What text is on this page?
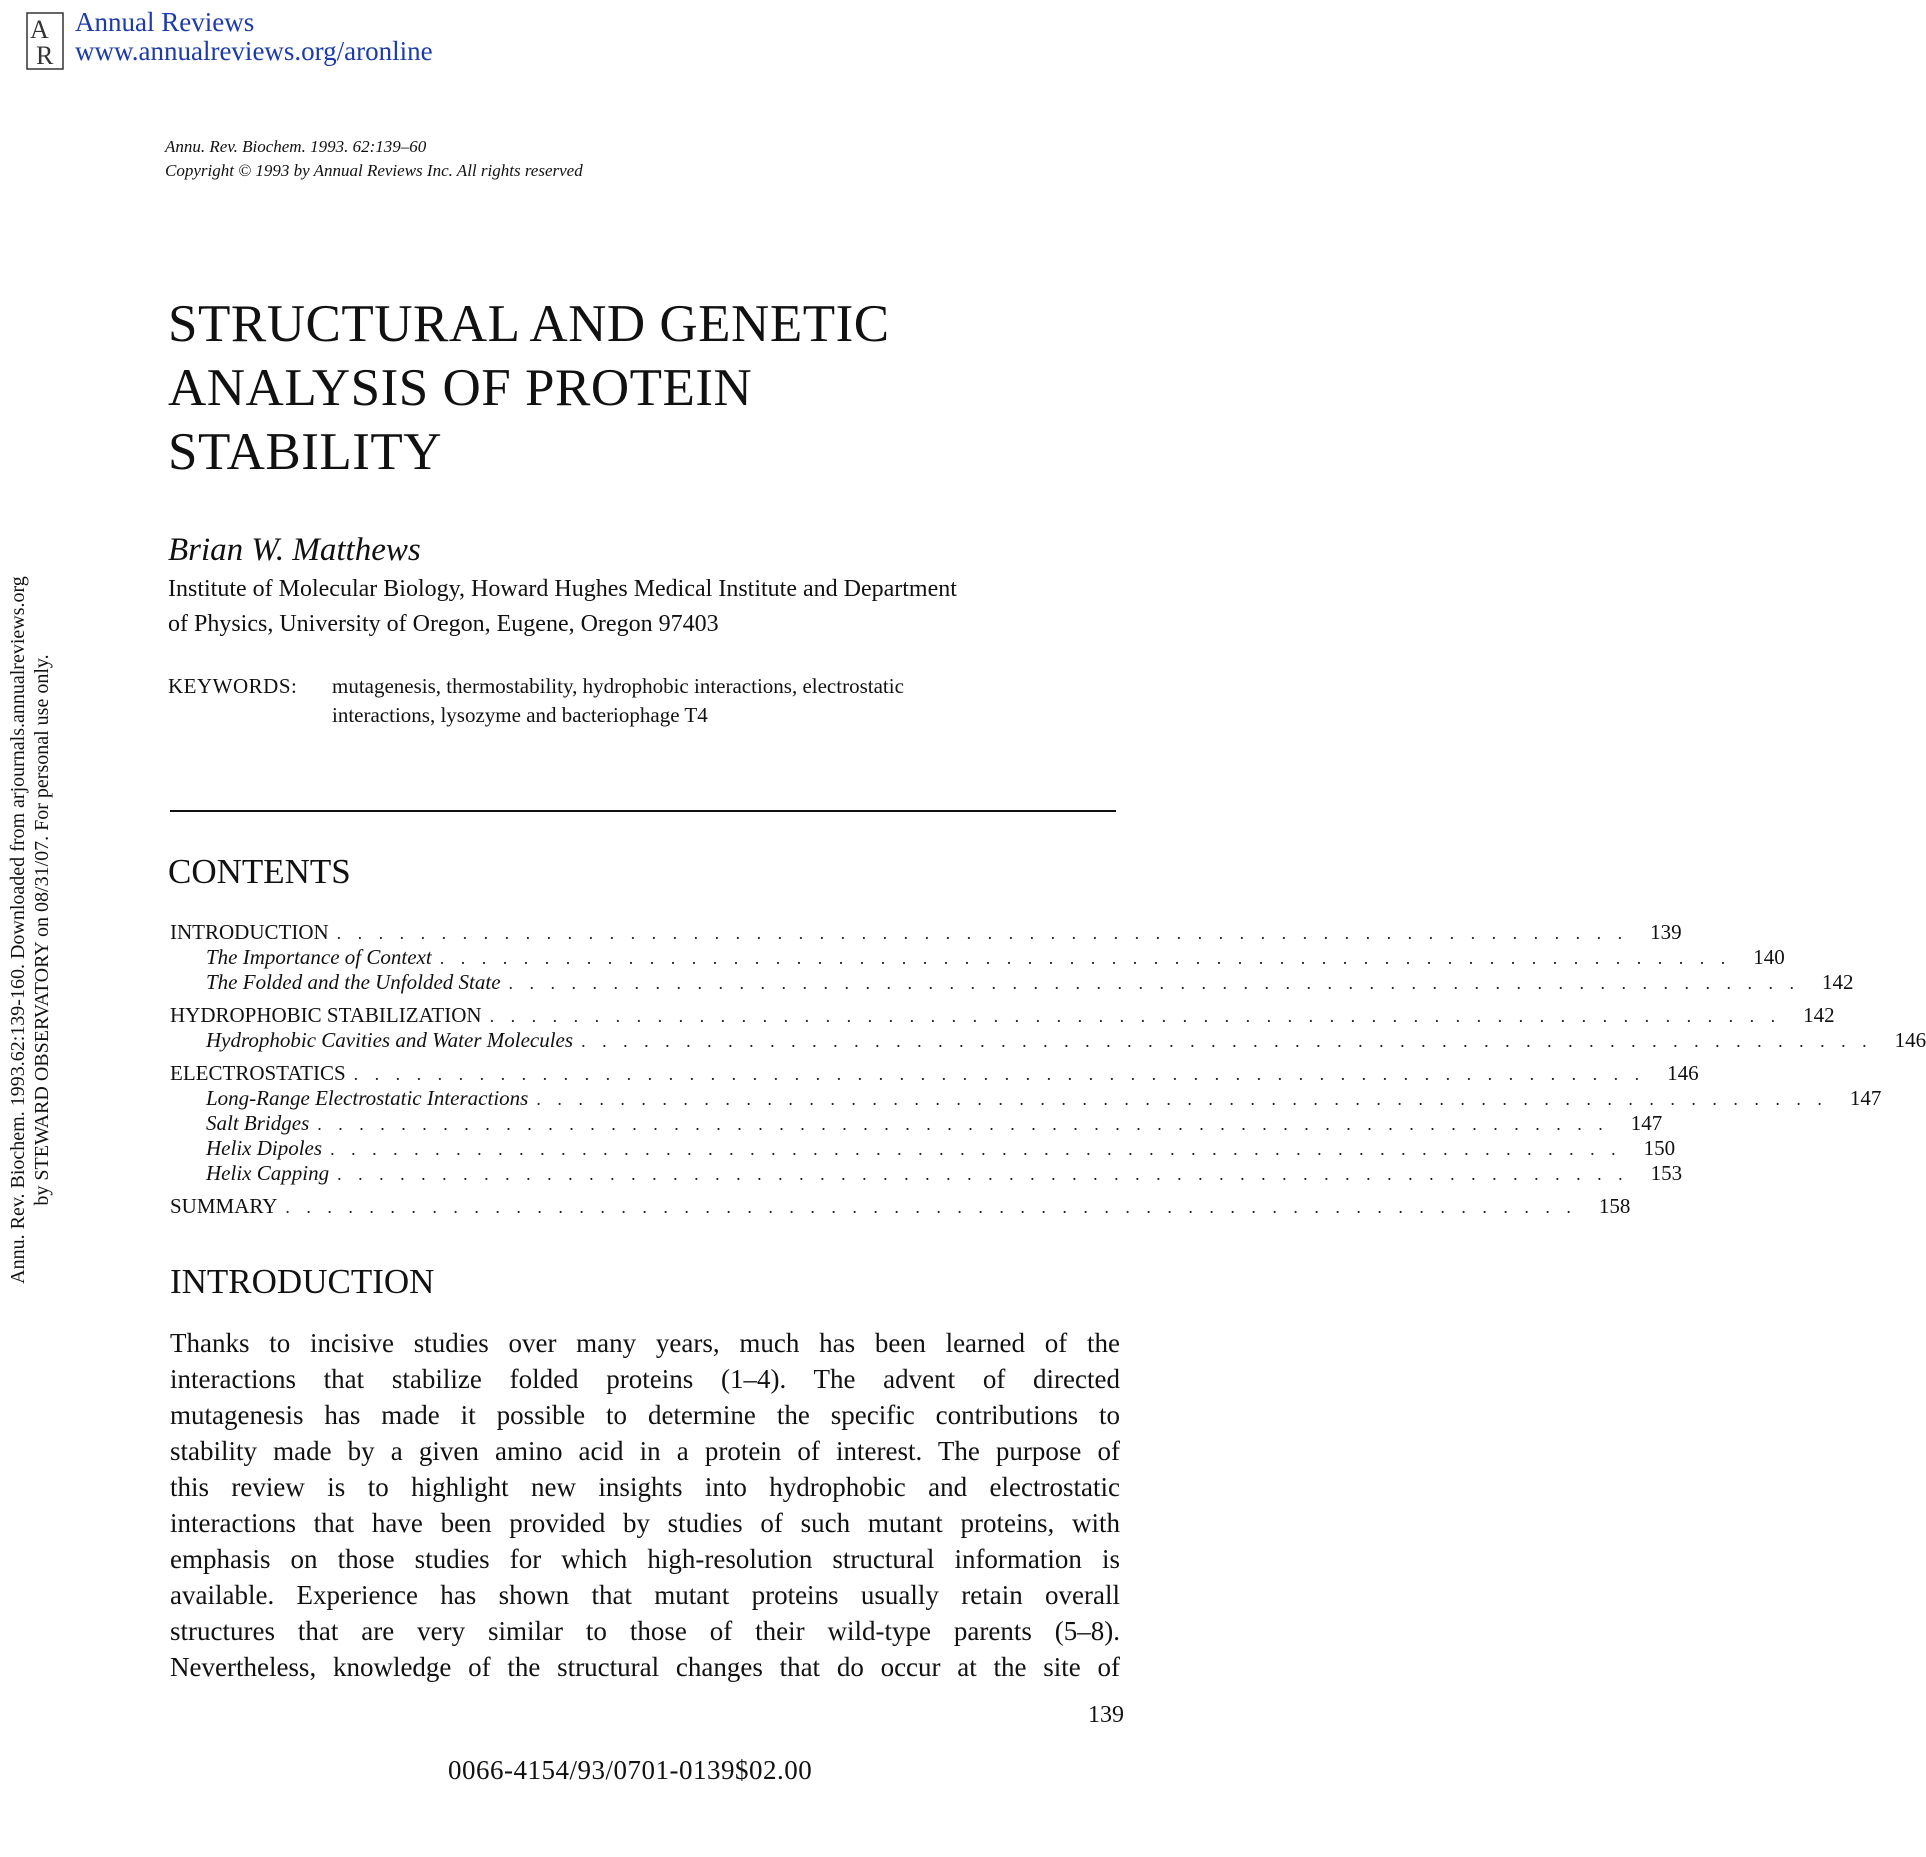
A
R
Annual Reviews
www.annualreviews.org/aronline
Annu. Rev. Biochem. 1993.62:139-160. Downloaded from arjournals.annualreviews.org by STEWARD OBSERVATORY on 08/31/07. For personal use only.
Annu. Rev. Biochem. 1993. 62:139–60
Copyright © 1993 by Annual Reviews Inc. All rights reserved
STRUCTURAL AND GENETIC
ANALYSIS OF PROTEIN
STABILITY
Brian W. Matthews
Institute of Molecular Biology, Howard Hughes Medical Institute and Department
of Physics, University of Oregon, Eugene, Oregon 97403
KEYWORDS: mutagenesis, thermostability, hydrophobic interactions, electrostatic
interactions, lysozyme and bacteriophage T4
CONTENTS
INTRODUCTION . . . . . . . . . . . . . . . . . . . . . . . . . . . . . . . . . . . . . . . . . . . . . . . . . . . . . . . . . . . . . . 139
The Importance of Context . . . . . . . . . . . . . . . . . . . . . . . . . . . . . . . . . . . . . . . . . . . . . . . . . . . . . . . . . . . . . . 140
The Folded and the Unfolded State . . . . . . . . . . . . . . . . . . . . . . . . . . . . . . . . . . . . . . . . . . . . . . . . . . . . . . . . . . . . . . 142
HYDROPHOBIC STABILIZATION . . . . . . . . . . . . . . . . . . . . . . . . . . . . . . . . . . . . . . . . . . . . . . . . . . . . . . . . . . . . . . 142
Hydrophobic Cavities and Water Molecules . . . . . . . . . . . . . . . . . . . . . . . . . . . . . . . . . . . . . . . . . . . . . . . . . . . . . . . . . . . . . . 146
ELECTROSTATICS . . . . . . . . . . . . . . . . . . . . . . . . . . . . . . . . . . . . . . . . . . . . . . . . . . . . . . . . . . . . . . 146
Long-Range Electrostatic Interactions . . . . . . . . . . . . . . . . . . . . . . . . . . . . . . . . . . . . . . . . . . . . . . . . . . . . . . . . . . . . . . 147
Salt Bridges . . . . . . . . . . . . . . . . . . . . . . . . . . . . . . . . . . . . . . . . . . . . . . . . . . . . . . . . . . . . . . 147
Helix Dipoles . . . . . . . . . . . . . . . . . . . . . . . . . . . . . . . . . . . . . . . . . . . . . . . . . . . . . . . . . . . . . . 150
Helix Capping . . . . . . . . . . . . . . . . . . . . . . . . . . . . . . . . . . . . . . . . . . . . . . . . . . . . . . . . . . . . . . 153
SUMMARY . . . . . . . . . . . . . . . . . . . . . . . . . . . . . . . . . . . . . . . . . . . . . . . . . . . . . . . . . . . . . . 158
INTRODUCTION
Thanks to incisive studies over many years, much has been learned of the
interactions that stabilize folded proteins (1–4). The advent of directed
mutagenesis has made it possible to determine the specific contributions to
stability made by a given amino acid in a protein of interest. The purpose of
this review is to highlight new insights into hydrophobic and electrostatic
interactions that have been provided by studies of such mutant proteins, with
emphasis on those studies for which high-resolution structural information is
available. Experience has shown that mutant proteins usually retain overall
structures that are very similar to those of their wild-type parents (5–8).
Nevertheless, knowledge of the structural changes that do occur at the site of
139
0066-4154/93/0701-0139$02.00
